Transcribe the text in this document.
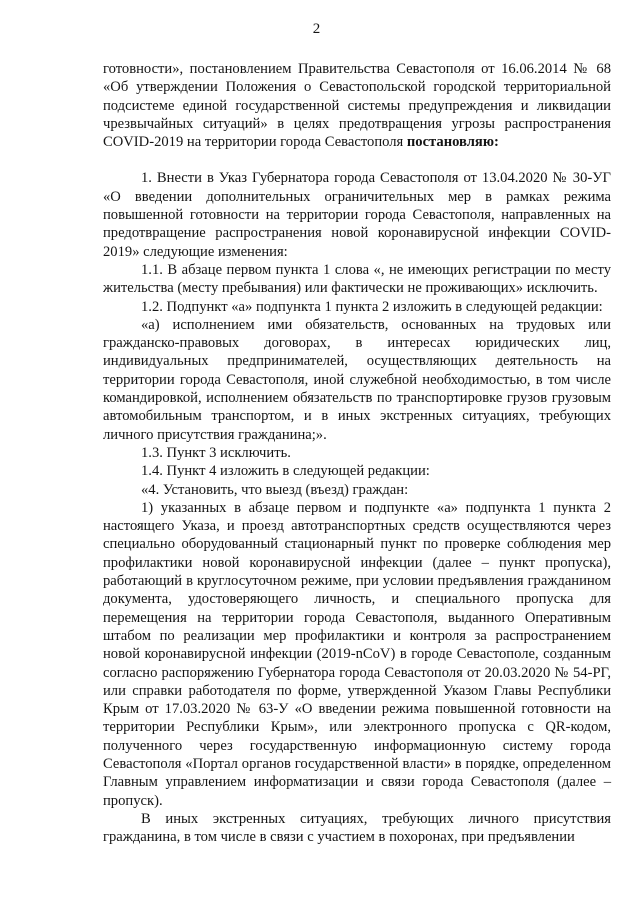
2

готовности», постановлением Правительства Севастополя от 16.06.2014 № 68 «Об утверждении Положения о Севастопольской городской территориальной подсистеме единой государственной системы предупреждения и ликвидации чрезвычайных ситуаций» в целях предотвращения угрозы распространения COVID-2019 на территории города Севастополя постановляю:

1. Внести в Указ Губернатора города Севастополя от 13.04.2020 № 30-УГ «О введении дополнительных ограничительных мер в рамках режима повышенной готовности на территории города Севастополя, направленных на предотвращение распространения новой коронавирусной инфекции COVID-2019» следующие изменения:

1.1. В абзаце первом пункта 1 слова «, не имеющих регистрации по месту жительства (месту пребывания) или фактически не проживающих» исключить.

1.2. Подпункт «а» подпункта 1 пункта 2 изложить в следующей редакции:

«а) исполнением ими обязательств, основанных на трудовых или гражданско-правовых договорах, в интересах юридических лиц, индивидуальных предпринимателей, осуществляющих деятельность на территории города Севастополя, иной служебной необходимостью, в том числе командировкой, исполнением обязательств по транспортировке грузов грузовым автомобильным транспортом, и в иных экстренных ситуациях, требующих личного присутствия гражданина;».

1.3. Пункт 3 исключить.

1.4. Пункт 4 изложить в следующей редакции:

«4. Установить, что выезд (въезд) граждан:

1) указанных в абзаце первом и подпункте «а» подпункта 1 пункта 2 настоящего Указа, и проезд автотранспортных средств осуществляются через специально оборудованный стационарный пункт по проверке соблюдения мер профилактики новой коронавирусной инфекции (далее – пункт пропуска), работающий в круглосуточном режиме, при условии предъявления гражданином документа, удостоверяющего личность, и специального пропуска для перемещения на территории города Севастополя, выданного Оперативным штабом по реализации мер профилактики и контроля за распространением новой коронавирусной инфекции (2019-nCoV) в городе Севастополе, созданным согласно распоряжению Губернатора города Севастополя от 20.03.2020 № 54-РГ, или справки работодателя по форме, утвержденной Указом Главы Республики Крым от 17.03.2020 № 63-У «О введении режима повышенной готовности на территории Республики Крым», или электронного пропуска с QR-кодом, полученного через государственную информационную систему города Севастополя «Портал органов государственной власти» в порядке, определенном Главным управлением информатизации и связи города Севастополя (далее – пропуск).

В иных экстренных ситуациях, требующих личного присутствия гражданина, в том числе в связи с участием в похоронах, при предъявлении
